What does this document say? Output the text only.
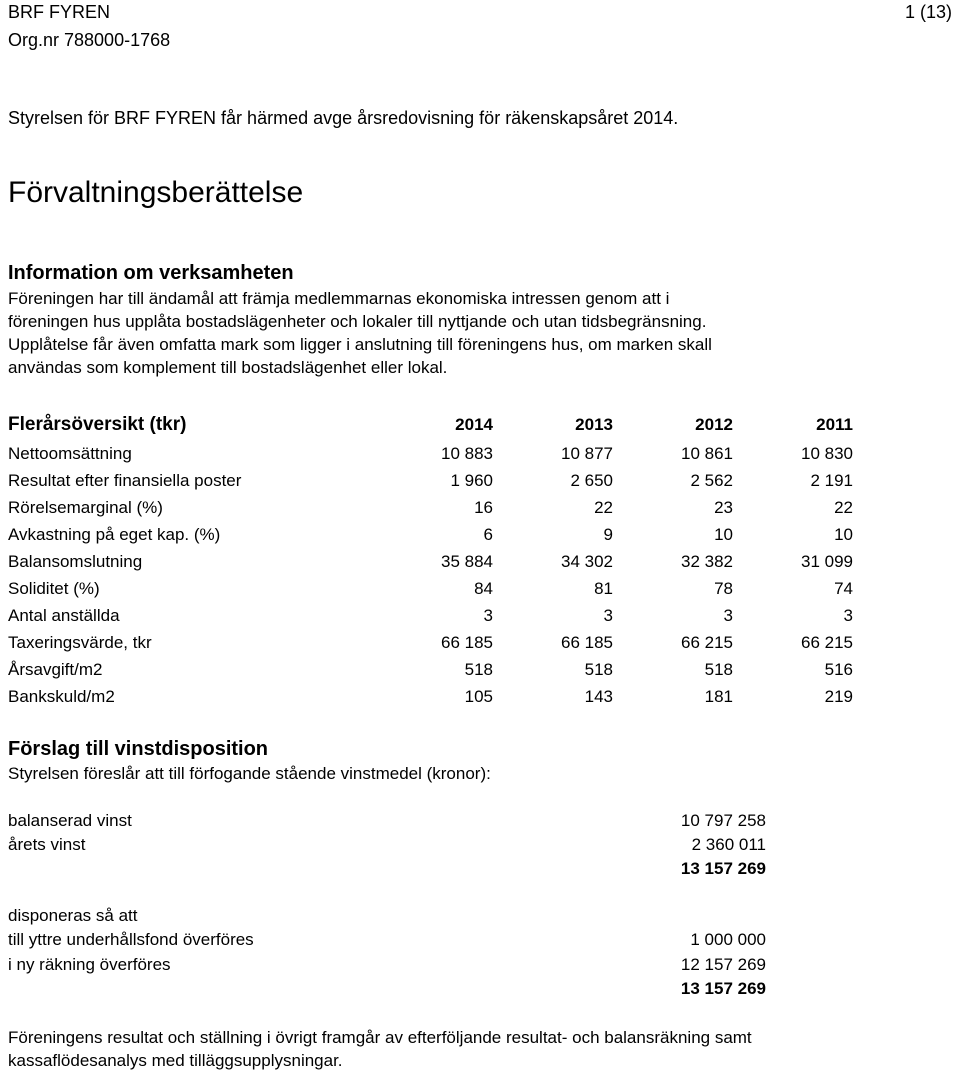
BRF FYREN
Org.nr 788000-1768
1 (13)
Styrelsen för BRF FYREN får härmed avge årsredovisning för räkenskapsåret 2014.
Förvaltningsberättelse
Information om verksamheten
Föreningen har till ändamål att främja medlemmarnas ekonomiska intressen genom att i
föreningen hus upplåta bostadslägenheter och lokaler till nyttjande och utan tidsbegränsning.
Upplåtelse får även omfatta mark som ligger i anslutning till föreningens hus, om marken skall
användas som komplement till bostadslägenhet eller lokal.
Flerårsöversikt (tkr)	2014	2013	2012	2011
Nettoomsättning	10 883	10 877	10 861	10 830
Resultat efter finansiella poster	1 960	2 650	2 562	2 191
Rörelsemarginal (%)	16	22	23	22
Avkastning på eget kap. (%)	6	9	10	10
Balansomslutning	35 884	34 302	32 382	31 099
Soliditet (%)	84	81	78	74
Antal anställda	3	3	3	3
Taxeringsvärde, tkr	66 185	66 185	66 215	66 215
Årsavgift/m2	518	518	518	516
Bankskuld/m2	105	143	181	219
Förslag till vinstdisposition
Styrelsen föreslår att till förfogande stående vinstmedel (kronor):
balanserad vinst	10 797 258
årets vinst	2 360 011
13 157 269
disponeras så att
till yttre underhållsfond överföres	1 000 000
i ny räkning överföres	12 157 269
13 157 269
Föreningens resultat och ställning i övrigt framgår av efterföljande resultat- och balansräkning samt
kassaflödesanalys med tilläggsupplysningar.
